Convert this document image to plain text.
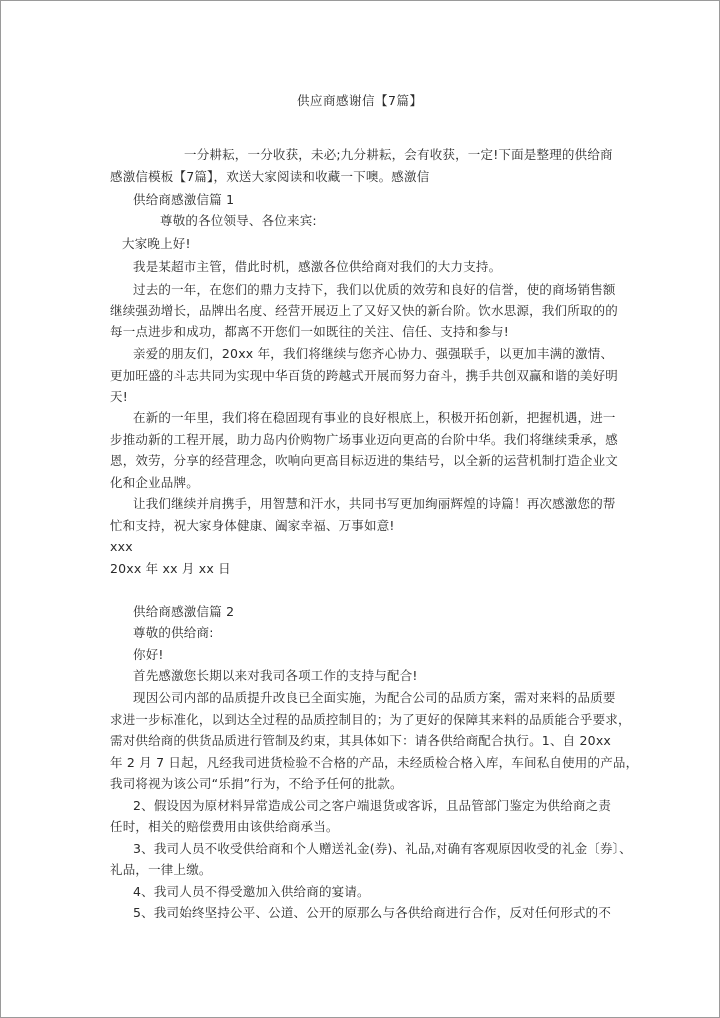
供应商感谢信【7篇】
一分耕耘，一分收获，未必;九分耕耘，会有收获，一定!下面是整理的供给商
感激信模板【7篇】，欢送大家阅读和收藏一下噢。感激信
供给商感激信篇 1
尊敬的各位领导、各位来宾:
大家晚上好!
我是某超市主管，借此时机，感激各位供给商对我们的大力支持。
过去的一年，在您们的鼎力支持下，我们以优质的效劳和良好的信誉，使的商场销售额
继续强劲增长，品牌出名度、经营开展迈上了又好又快的新台阶。饮水思源，我们所取的的
每一点进步和成功，都离不开您们一如既往的关注、信任、支持和参与!
亲爱的朋友们，20xx 年，我们将继续与您齐心协力、强强联手，以更加丰满的激情、
更加旺盛的斗志共同为实现中华百货的跨越式开展而努力奋斗，携手共创双赢和谐的美好明
天!
在新的一年里，我们将在稳固现有事业的良好根底上，积极开拓创新，把握机遇，进一
步推动新的工程开展，助力岛内价购物广场事业迈向更高的台阶中华。我们将继续秉承，感
恩，效劳，分享的经营理念，吹响向更高目标迈进的集结号，以全新的运营机制打造企业文
化和企业品牌。
让我们继续并肩携手，用智慧和汗水，共同书写更加绚丽辉煌的诗篇！再次感激您的帮
忙和支持，祝大家身体健康、阖家幸福、万事如意!
xxx
20xx 年 xx 月 xx 日
供给商感激信篇 2
尊敬的供给商:
你好!
首先感激您长期以来对我司各项工作的支持与配合!
现因公司内部的品质提升改良已全面实施，为配合公司的品质方案，需对来料的品质要
求进一步标准化，以到达全过程的品质控制目的；为了更好的保障其来料的品质能合乎要求，
需对供给商的供货品质进行管制及约束，其具体如下：请各供给商配合执行。1、自 20xx
年 2 月 7 日起，凡经我司进货检验不合格的产品，未经质检合格入库，车间私自使用的产品，
我司将视为该公司“乐捐”行为，不给予任何的批款。
2、假设因为原材料异常造成公司之客户端退货或客诉，且品管部门鉴定为供给商之责
任时，相关的赔偿费用由该供给商承当。
3、我司人员不收受供给商和个人赠送礼金(券)、礼品,对确有客观原因收受的礼金〔券〕、
礼品，一律上缴。
4、我司人员不得受邀加入供给商的宴请。
5、我司始终坚持公平、公道、公开的原那么与各供给商进行合作，反对任何形式的不
